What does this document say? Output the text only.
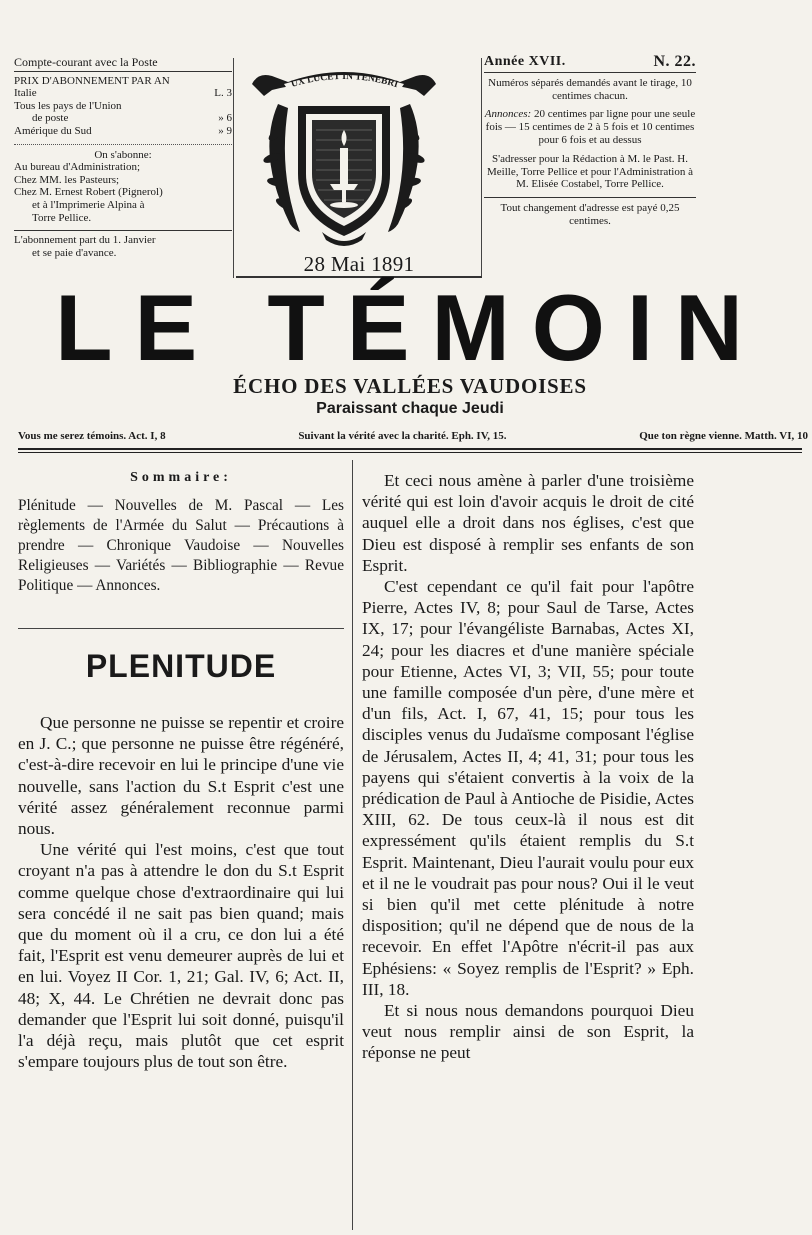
Compte-courant avec la Poste
PRIX D'ABONNEMENT PAR AN
Italie	L. 3
Tous les pays de l'Union
de poste	» 6
Amérique du Sud	» 9
On s'abonne:
Au bureau d'Administration;
Chez MM. les Pasteurs;
Chez M. Ernest Robert (Pignerol)
et à l'Imprimerie Alpina à
Torre Pellice.
L'abonnement part du 1. Janvier
et se paie d'avance.
UX LUCET IN TENEBRI
28 Mai 1891
Année XVII.	N. 22.

Numéros séparés demandés avant le tirage, 10 centimes chacun.

Annonces: 20 centimes par ligne pour une seule fois — 15 centimes de 2 à 5 fois et 10 centimes pour 6 fois et au dessus

S'adresser pour la Rédaction à M. le Past. H. Meille, Torre Pellice et pour l'Administration à M. Elisée Costabel, Torre Pellice.

Tout changement d'adresse est payé 0,25 centimes.

LE TÉMOIN
ÉCHO DES VALLÉES VAUDOISES
Paraissant chaque Jeudi
Vous me serez témoins. Act. I, 8	Suivant la vérité avec la charité. Eph. IV, 15.	Que ton règne vienne. Matth. VI, 10
Sommaire:
Plénitude — Nouvelles de M. Pascal — Les règlements de l'Armée du Salut — Précautions à prendre — Chronique Vaudoise — Nouvelles Religieuses — Variétés — Bibliographie — Revue Politique — Annonces.
PLENITUDE

Que personne ne puisse se repentir et croire en J. C.; que personne ne puisse être régénéré, c'est-à-dire recevoir en lui le principe d'une vie nouvelle, sans l'action du S.t Esprit c'est une vérité assez généralement reconnue parmi nous.

Une vérité qui l'est moins, c'est que tout croyant n'a pas à attendre le don du S.t Esprit comme quelque chose d'extraordinaire qui lui sera concédé il ne sait pas bien quand; mais que du moment où il a cru, ce don lui a été fait, l'Esprit est venu demeurer auprès de lui et en lui. Voyez II Cor. 1, 21; Gal. IV, 6; Act. II, 48; X, 44. Le Chrétien ne devrait donc pas demander que l'Esprit lui soit donné, puisqu'il l'a déjà reçu, mais plutôt que cet esprit s'empare toujours plus de tout son être.

Et ceci nous amène à parler d'une troisième vérité qui est loin d'avoir acquis le droit de cité auquel elle a droit dans nos églises, c'est que Dieu est disposé à remplir ses enfants de son Esprit.

C'est cependant ce qu'il fait pour l'apôtre Pierre, Actes IV, 8; pour Saul de Tarse, Actes IX, 17; pour l'évangéliste Barnabas, Actes XI, 24; pour les diacres et d'une manière spéciale pour Etienne, Actes VI, 3; VII, 55; pour toute une famille composée d'un père, d'une mère et d'un fils, Act. I, 67, 41, 15; pour tous les disciples venus du Judaïsme composant l'église de Jérusalem, Actes II, 4; 41, 31; pour tous les payens qui s'étaient convertis à la voix de la prédication de Paul à Antioche de Pisidie, Actes XIII, 62. De tous ceux-là il nous est dit expressément qu'ils étaient remplis du S.t Esprit. Maintenant, Dieu l'aurait voulu pour eux et il ne le voudrait pas pour nous? Oui il le veut si bien qu'il met cette plénitude à notre disposition; qu'il ne dépend que de nous de la recevoir. En effet l'Apôtre n'écrit-il pas aux Ephésiens: « Soyez remplis de l'Esprit? » Eph. III, 18.

Et si nous nous demandons pourquoi Dieu veut nous remplir ainsi de son Esprit, la réponse ne peut
